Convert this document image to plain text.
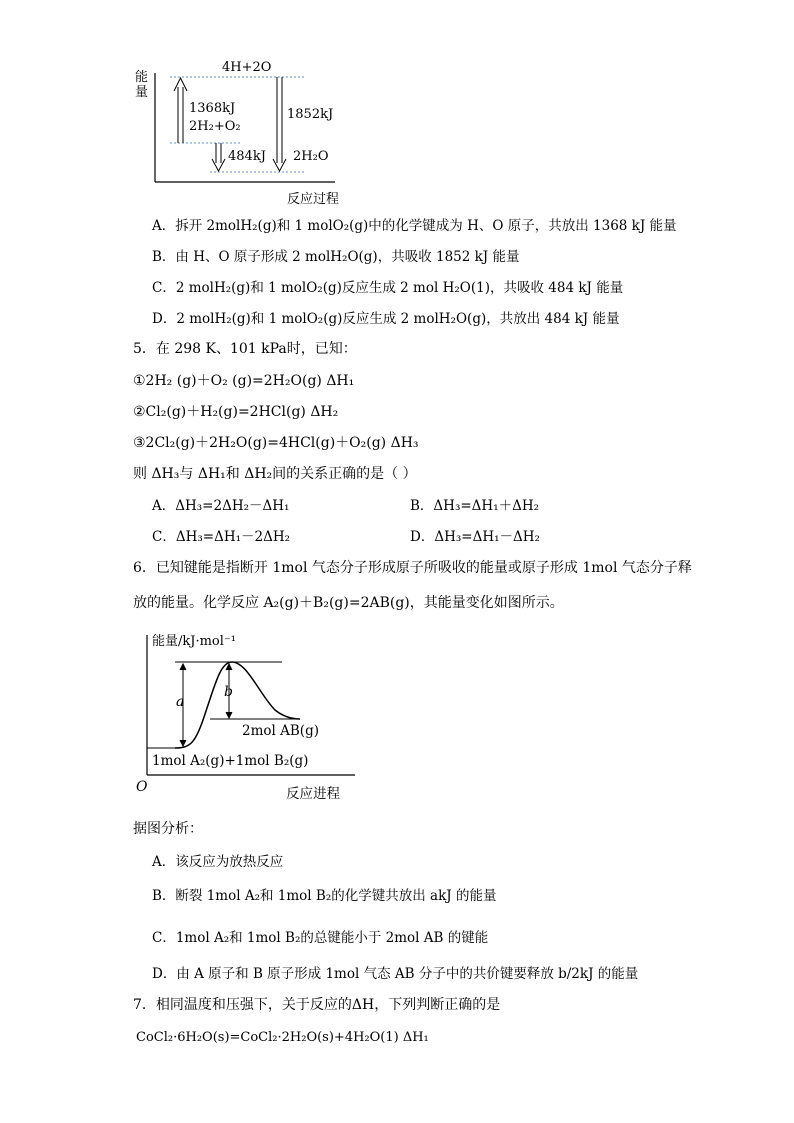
能量
4H+2O
1368kJ
2H₂+O₂
1852kJ
484kJ 2H₂O
反应过程
A．拆开 2molH₂(g)和 1 molO₂(g)中的化学键成为 H、O 原子，共放出 1368 kJ 能量
B．由 H、O 原子形成 2 molH₂O(g)，共吸收 1852 kJ 能量
C．2 molH₂(g)和 1 molO₂(g)反应生成 2 mol H₂O(1)，共吸收 484 kJ 能量
D．2 molH₂(g)和 1 molO₂(g)反应生成 2 molH₂O(g)，共放出 484 kJ 能量
5．在 298 K、101 kPa时，已知：
①2H₂ (g)＋O₂ (g)=2H₂O(g) ΔH₁
②Cl₂(g)＋H₂(g)=2HCl(g) ΔH₂
③2Cl₂(g)＋2H₂O(g)=4HCl(g)＋O₂(g) ΔH₃
则 ΔH₃与 ΔH₁和 ΔH₂间的关系正确的是（ ）
A．ΔH₃=2ΔH₂－ΔH₁	B．ΔH₃=ΔH₁＋ΔH₂
C．ΔH₃=ΔH₁－2ΔH₂	D．ΔH₃=ΔH₁－ΔH₂
6．已知键能是指断开 1mol 气态分子形成原子所吸收的能量或原子形成 1mol 气态分子释
放的能量。化学反应 A₂(g)＋B₂(g)=2AB(g)，其能量变化如图所示。
能量/kJ·mol⁻¹
a
b
2mol AB(g)
1mol A₂(g)+1mol B₂(g)
O	反应进程
据图分析：
A．该反应为放热反应
B．断裂 1mol A₂和 1mol B₂的化学键共放出 akJ 的能量
C．1mol A₂和 1mol B₂的总键能小于 2mol AB 的键能
D．由 A 原子和 B 原子形成 1mol 气态 AB 分子中的共价键要释放 b/2kJ 的能量
7．相同温度和压强下，关于反应的ΔH，下列判断正确的是
CoCl₂·6H₂O(s)=CoCl₂·2H₂O(s)+4H₂O(1) ΔH₁
